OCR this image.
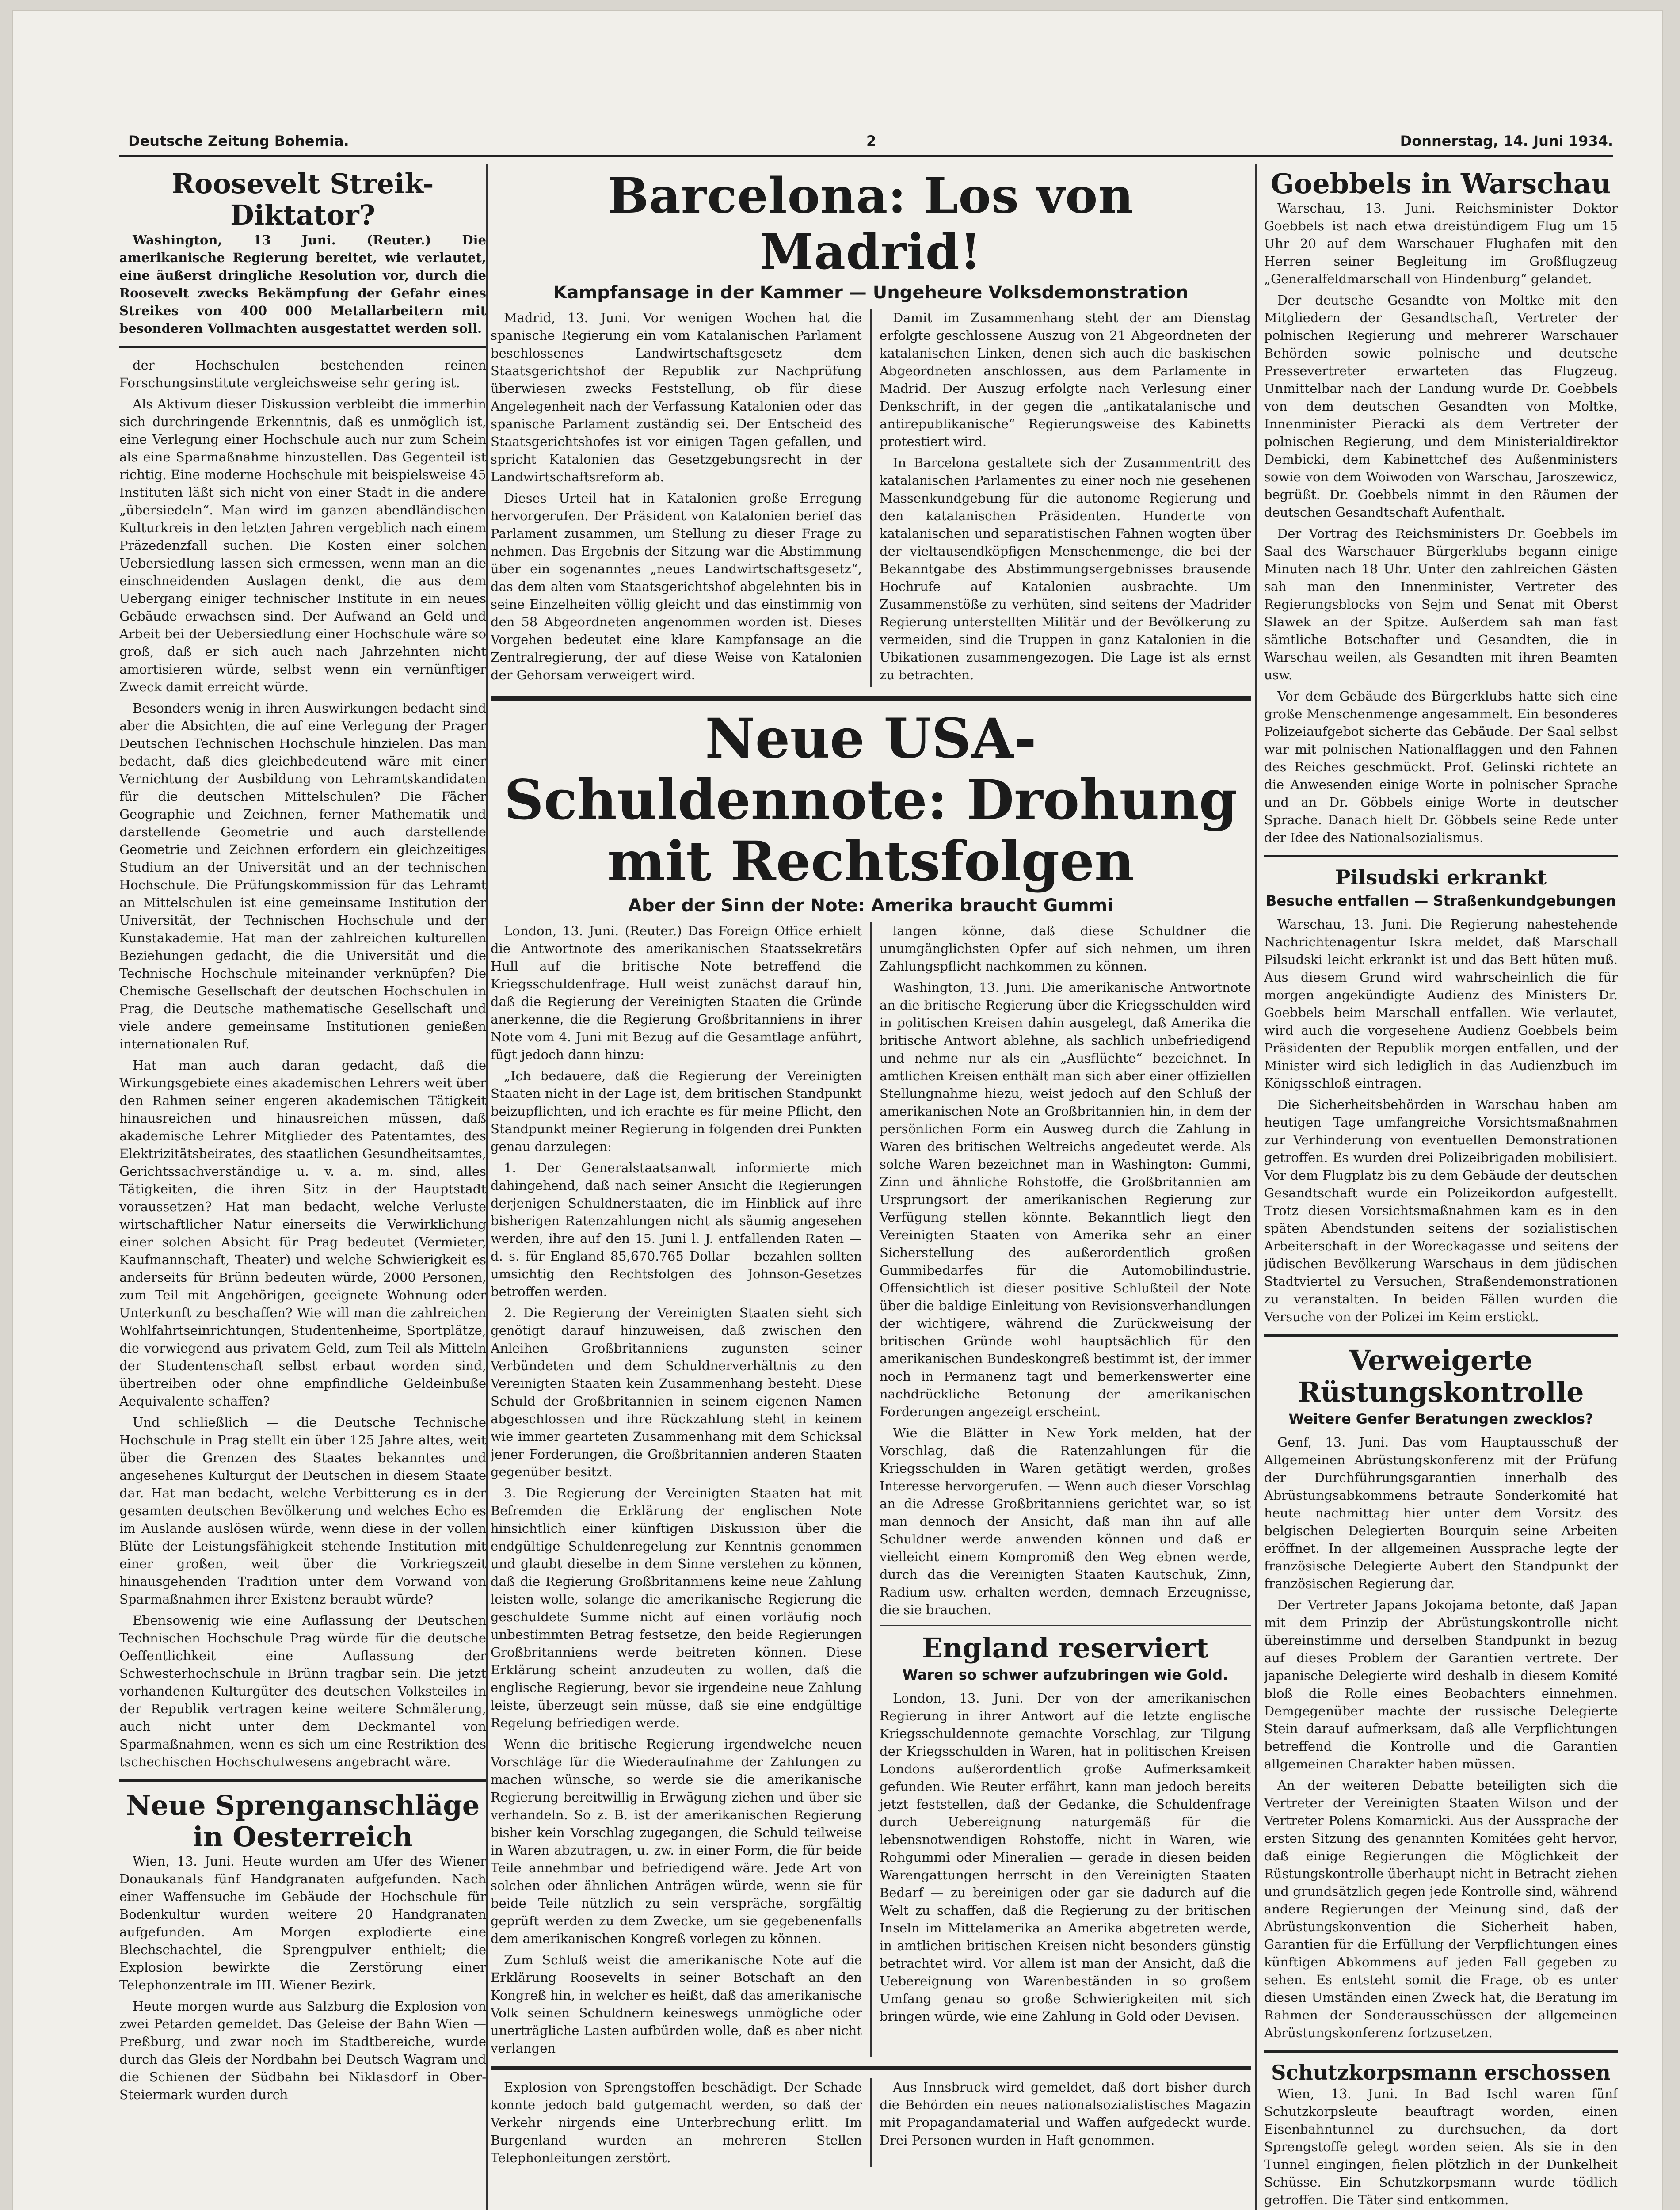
Deutsche Zeitung Bohemia.	2	Donnerstag, 14. Juni 1934.
Roosevelt Streik-Diktator?

Washington, 13 Juni. (Reuter.) Die amerikanische Regierung bereitet, wie verlautet, eine äußerst dringliche Resolution vor, durch die Roosevelt zwecks Bekämpfung der Gefahr eines Streikes von 400 000 Metallarbeitern mit besonderen Vollmachten ausgestattet werden soll.

der Hochschulen bestehenden reinen Forschungsinstitute vergleichsweise sehr gering ist.

Als Aktivum dieser Diskussion verbleibt die immerhin sich durchringende Erkenntnis, daß es unmöglich ist, eine Verlegung einer Hochschule auch nur zum Schein als eine Sparmaßnahme hinzustellen. Das Gegenteil ist richtig. Eine moderne Hochschule mit beispielsweise 45 Instituten läßt sich nicht von einer Stadt in die andere „übersiedeln“. Man wird im ganzen abendländischen Kulturkreis in den letzten Jahren vergeblich nach einem Präzedenzfall suchen. Die Kosten einer solchen Uebersiedlung lassen sich ermessen, wenn man an die einschneidenden Auslagen denkt, die aus dem Uebergang einiger technischer Institute in ein neues Gebäude erwachsen sind. Der Aufwand an Geld und Arbeit bei der Uebersiedlung einer Hochschule wäre so groß, daß er sich auch nach Jahrzehnten nicht amortisieren würde, selbst wenn ein vernünftiger Zweck damit erreicht würde.

Besonders wenig in ihren Auswirkungen bedacht sind aber die Absichten, die auf eine Verlegung der Prager Deutschen Technischen Hochschule hinzielen. Das man bedacht, daß dies gleichbedeutend wäre mit einer Vernichtung der Ausbildung von Lehramtskandidaten für die deutschen Mittelschulen? Die Fächer Geographie und Zeichnen, ferner Mathematik und darstellende Geometrie und auch darstellende Geometrie und Zeichnen erfordern ein gleichzeitiges Studium an der Universität und an der technischen Hochschule. Die Prüfungskommission für das Lehramt an Mittelschulen ist eine gemeinsame Institution der Universität, der Technischen Hochschule und der Kunstakademie. Hat man der zahlreichen kulturellen Beziehungen gedacht, die die Universität und die Technische Hochschule miteinander verknüpfen? Die Chemische Gesellschaft der deutschen Hochschulen in Prag, die Deutsche mathematische Gesellschaft und viele andere gemeinsame Institutionen genießen internationalen Ruf.

Hat man auch daran gedacht, daß die Wirkungsgebiete eines akademischen Lehrers weit über den Rahmen seiner engeren akademischen Tätigkeit hinausreichen und hinausreichen müssen, daß akademische Lehrer Mitglieder des Patentamtes, des Elektrizitätsbeirates, des staatlichen Gesundheitsamtes, Gerichtssachverständige u. v. a. m. sind, alles Tätigkeiten, die ihren Sitz in der Hauptstadt voraussetzen? Hat man bedacht, welche Verluste wirtschaftlicher Natur einerseits die Verwirklichung einer solchen Absicht für Prag bedeutet (Vermieter, Kaufmannschaft, Theater) und welche Schwierigkeit es anderseits für Brünn bedeuten würde, 2000 Personen, zum Teil mit Angehörigen, geeignete Wohnung oder Unterkunft zu beschaffen? Wie will man die zahlreichen Wohlfahrtseinrichtungen, Studentenheime, Sportplätze, die vorwiegend aus privatem Geld, zum Teil als Mitteln der Studentenschaft selbst erbaut worden sind, übertreiben oder ohne empfindliche Geldeinbuße Aequivalente schaffen?

Und schließlich — die Deutsche Technische Hochschule in Prag stellt ein über 125 Jahre altes, weit über die Grenzen des Staates bekanntes und angesehenes Kulturgut der Deutschen in diesem Staate dar. Hat man bedacht, welche Verbitterung es in der gesamten deutschen Bevölkerung und welches Echo es im Auslande auslösen würde, wenn diese in der vollen Blüte der Leistungsfähigkeit stehende Institution mit einer großen, weit über die Vorkriegszeit hinausgehenden Tradition unter dem Vorwand von Sparmaßnahmen ihrer Existenz beraubt würde?

Ebensowenig wie eine Auflassung der Deutschen Technischen Hochschule Prag würde für die deutsche Oeffentlichkeit eine Auflassung der Schwesterhochschule in Brünn tragbar sein. Die jetzt vorhandenen Kulturgüter des deutschen Volksteiles in der Republik vertragen keine weitere Schmälerung, auch nicht unter dem Deckmantel von Sparmaßnahmen, wenn es sich um eine Restriktion des tschechischen Hochschulwesens angebracht wäre.

Neue Sprenganschläge in Oesterreich

Wien, 13. Juni. Heute wurden am Ufer des Wiener Donaukanals fünf Handgranaten aufgefunden. Nach einer Waffensuche im Gebäude der Hochschule für Bodenkultur wurden weitere 20 Handgranaten aufgefunden. Am Morgen explodierte eine Blechschachtel, die Sprengpulver enthielt; die Explosion bewirkte die Zerstörung einer Telephonzentrale im III. Wiener Bezirk.

Heute morgen wurde aus Salzburg die Explosion von zwei Petarden gemeldet. Das Geleise der Bahn Wien — Preßburg, und zwar noch im Stadtbereiche, wurde durch das Gleis der Nordbahn bei Deutsch Wagram und die Schienen der Südbahn bei Niklasdorf in Ober-Steiermark wurden durch

Barcelona: Los von Madrid!
Kampfansage in der Kammer — Ungeheure Volksdemonstration

Madrid, 13. Juni. Vor wenigen Wochen hat die spanische Regierung ein vom Katalanischen Parlament beschlossenes Landwirtschaftsgesetz dem Staatsgerichtshof der Republik zur Nachprüfung überwiesen zwecks Feststellung, ob für diese Angelegenheit nach der Verfassung Katalonien oder das spanische Parlament zuständig sei. Der Entscheid des Staatsgerichtshofes ist vor einigen Tagen gefallen, und spricht Katalonien das Gesetzgebungsrecht in der Landwirtschaftsreform ab.

Dieses Urteil hat in Katalonien große Erregung hervorgerufen. Der Präsident von Katalonien berief das Parlament zusammen, um Stellung zu dieser Frage zu nehmen. Das Ergebnis der Sitzung war die Abstimmung über ein sogenanntes „neues Landwirtschaftsgesetz“, das dem alten vom Staatsgerichtshof abgelehnten bis in seine Einzelheiten völlig gleicht und das einstimmig von den 58 Abgeordneten angenommen worden ist. Dieses Vorgehen bedeutet eine klare Kampfansage an die Zentralregierung, der auf diese Weise von Katalonien der Gehorsam verweigert wird.

Damit im Zusammenhang steht der am Dienstag erfolgte geschlossene Auszug von 21 Abgeordneten der katalanischen Linken, denen sich auch die baskischen Abgeordneten anschlossen, aus dem Parlamente in Madrid. Der Auszug erfolgte nach Verlesung einer Denkschrift, in der gegen die „antikatalanische und antirepublikanische“ Regierungsweise des Kabinetts protestiert wird.

In Barcelona gestaltete sich der Zusammentritt des katalanischen Parlamentes zu einer noch nie gesehenen Massenkundgebung für die autonome Regierung und den katalanischen Präsidenten. Hunderte von katalanischen und separatistischen Fahnen wogten über der vieltausendköpfigen Menschenmenge, die bei der Bekanntgabe des Abstimmungsergebnisses brausende Hochrufe auf Katalonien ausbrachte. Um Zusammenstöße zu verhüten, sind seitens der Madrider Regierung unterstellten Militär und der Bevölkerung zu vermeiden, sind die Truppen in ganz Katalonien in die Ubikationen zusammengezogen. Die Lage ist als ernst zu betrachten.

Neue USA-Schuldennote: Drohung mit Rechtsfolgen
Aber der Sinn der Note: Amerika braucht Gummi

London, 13. Juni. (Reuter.) Das Foreign Office erhielt die Antwortnote des amerikanischen Staatssekretärs Hull auf die britische Note betreffend die Kriegsschuldenfrage. Hull weist zunächst darauf hin, daß die Regierung der Vereinigten Staaten die Gründe anerkenne, die die Regierung Großbritanniens in ihrer Note vom 4. Juni mit Bezug auf die Gesamtlage anführt, fügt jedoch dann hinzu:

„Ich bedauere, daß die Regierung der Vereinigten Staaten nicht in der Lage ist, dem britischen Standpunkt beizupflichten, und ich erachte es für meine Pflicht, den Standpunkt meiner Regierung in folgenden drei Punkten genau darzulegen:

1. Der Generalstaatsanwalt informierte mich dahingehend, daß nach seiner Ansicht die Regierungen derjenigen Schuldnerstaaten, die im Hinblick auf ihre bisherigen Ratenzahlungen nicht als säumig angesehen werden, ihre auf den 15. Juni l. J. entfallenden Raten — d. s. für England 85,670.765 Dollar — bezahlen sollten umsichtig den Rechtsfolgen des Johnson-Gesetzes betroffen werden.

2. Die Regierung der Vereinigten Staaten sieht sich genötigt darauf hinzuweisen, daß zwischen den Anleihen Großbritanniens zugunsten seiner Verbündeten und dem Schuldnerverhältnis zu den Vereinigten Staaten kein Zusammenhang besteht. Diese Schuld der Großbritannien in seinem eigenen Namen abgeschlossen und ihre Rückzahlung steht in keinem wie immer gearteten Zusammenhang mit dem Schicksal jener Forderungen, die Großbritannien anderen Staaten gegenüber besitzt.

3. Die Regierung der Vereinigten Staaten hat mit Befremden die Erklärung der englischen Note hinsichtlich einer künftigen Diskussion über die endgültige Schuldenregelung zur Kenntnis genommen und glaubt dieselbe in dem Sinne verstehen zu können, daß die Regierung Großbritanniens keine neue Zahlung leisten wolle, solange die amerikanische Regierung die geschuldete Summe nicht auf einen vorläufig noch unbestimmten Betrag festsetze, den beide Regierungen Großbritanniens werde beitreten können. Diese Erklärung scheint anzudeuten zu wollen, daß die englische Regierung, bevor sie irgendeine neue Zahlung leiste, überzeugt sein müsse, daß sie eine endgültige Regelung befriedigen werde.

Wenn die britische Regierung irgendwelche neuen Vorschläge für die Wiederaufnahme der Zahlungen zu machen wünsche, so werde sie die amerikanische Regierung bereitwillig in Erwägung ziehen und über sie verhandeln. So z. B. ist der amerikanischen Regierung bisher kein Vorschlag zugegangen, die Schuld teilweise in Waren abzutragen, u. zw. in einer Form, die für beide Teile annehmbar und befriedigend wäre. Jede Art von solchen oder ähnlichen Anträgen würde, wenn sie für beide Teile nützlich zu sein verspräche, sorgfältig geprüft werden zu dem Zwecke, um sie gegebenenfalls dem amerikanischen Kongreß vorlegen zu können.

Zum Schluß weist die amerikanische Note auf die Erklärung Roosevelts in seiner Botschaft an den Kongreß hin, in welcher es heißt, daß das amerikanische Volk seinen Schuldnern keineswegs unmögliche oder unerträgliche Lasten aufbürden wolle, daß es aber nicht verlangen

langen könne, daß diese Schuldner die unumgänglichsten Opfer auf sich nehmen, um ihren Zahlungspflicht nachkommen zu können.

Washington, 13. Juni. Die amerikanische Antwortnote an die britische Regierung über die Kriegsschulden wird in politischen Kreisen dahin ausgelegt, daß Amerika die britische Antwort ablehne, als sachlich unbefriedigend und nehme nur als ein „Ausflüchte“ bezeichnet. In amtlichen Kreisen enthält man sich aber einer offiziellen Stellungnahme hiezu, weist jedoch auf den Schluß der amerikanischen Note an Großbritannien hin, in dem der persönlichen Form ein Ausweg durch die Zahlung in Waren des britischen Weltreichs angedeutet werde. Als solche Waren bezeichnet man in Washington: Gummi, Zinn und ähnliche Rohstoffe, die Großbritannien am Ursprungsort der amerikanischen Regierung zur Verfügung stellen könnte. Bekanntlich liegt den Vereinigten Staaten von Amerika sehr an einer Sicherstellung des außerordentlich großen Gummibedarfes für die Automobilindustrie. Offensichtlich ist dieser positive Schlußteil der Note über die baldige Einleitung von Revisionsverhandlungen der wichtigere, während die Zurückweisung der britischen Gründe wohl hauptsächlich für den amerikanischen Bundeskongreß bestimmt ist, der immer noch in Permanenz tagt und bemerkenswerter eine nachdrückliche Betonung der amerikanischen Forderungen angezeigt erscheint.

Wie die Blätter in New York melden, hat der Vorschlag, daß die Ratenzahlungen für die Kriegsschulden in Waren getätigt werden, großes Interesse hervorgerufen. — Wenn auch dieser Vorschlag an die Adresse Großbritanniens gerichtet war, so ist man dennoch der Ansicht, daß man ihn auf alle Schuldner werde anwenden können und daß er vielleicht einem Kompromiß den Weg ebnen werde, durch das die Vereinigten Staaten Kautschuk, Zinn, Radium usw. erhalten werden, demnach Erzeugnisse, die sie brauchen.

England reserviert
Waren so schwer aufzubringen wie Gold.

London, 13. Juni. Der von der amerikanischen Regierung in ihrer Antwort auf die letzte englische Kriegsschuldennote gemachte Vorschlag, zur Tilgung der Kriegsschulden in Waren, hat in politischen Kreisen Londons außerordentlich große Aufmerksamkeit gefunden. Wie Reuter erfährt, kann man jedoch bereits jetzt feststellen, daß der Gedanke, die Schuldenfrage durch Uebereignung naturgemäß für die lebensnotwendigen Rohstoffe, nicht in Waren, wie Rohgummi oder Mineralien — gerade in diesen beiden Warengattungen herrscht in den Vereinigten Staaten Bedarf — zu bereinigen oder gar sie dadurch auf die Welt zu schaffen, daß die Regierung zu der britischen Inseln im Mittelamerika an Amerika abgetreten werde, in amtlichen britischen Kreisen nicht besonders günstig betrachtet wird. Vor allem ist man der Ansicht, daß die Uebereignung von Warenbeständen in so großem Umfang genau so große Schwierigkeiten mit sich bringen würde, wie eine Zahlung in Gold oder Devisen.

Explosion von Sprengstoffen beschädigt. Der Schade konnte jedoch bald gutgemacht werden, so daß der Verkehr nirgends eine Unterbrechung erlitt. Im Burgenland wurden an mehreren Stellen Telephonleitungen zerstört.

Aus Innsbruck wird gemeldet, daß dort bisher durch die Behörden ein neues nationalsozialistisches Magazin mit Propagandamaterial und Waffen aufgedeckt wurde. Drei Personen wurden in Haft genommen.

Goebbels in Warschau

Warschau, 13. Juni. Reichsminister Doktor Goebbels ist nach etwa dreistündigem Flug um 15 Uhr 20 auf dem Warschauer Flughafen mit den Herren seiner Begleitung im Großflugzeug „Generalfeldmarschall von Hindenburg“ gelandet.

Der deutsche Gesandte von Moltke mit den Mitgliedern der Gesandtschaft, Vertreter der polnischen Regierung und mehrerer Warschauer Behörden sowie polnische und deutsche Pressevertreter erwarteten das Flugzeug. Unmittelbar nach der Landung wurde Dr. Goebbels von dem deutschen Gesandten von Moltke, Innenminister Pieracki als dem Vertreter der polnischen Regierung, und dem Ministerialdirektor Dembicki, dem Kabinettchef des Außenministers sowie von dem Woiwoden von Warschau, Jaroszewicz, begrüßt. Dr. Goebbels nimmt in den Räumen der deutschen Gesandtschaft Aufenthalt.

Der Vortrag des Reichsministers Dr. Goebbels im Saal des Warschauer Bürgerklubs begann einige Minuten nach 18 Uhr. Unter den zahlreichen Gästen sah man den Innenminister, Vertreter des Regierungsblocks von Sejm und Senat mit Oberst Slawek an der Spitze. Außerdem sah man fast sämtliche Botschafter und Gesandten, die in Warschau weilen, als Gesandten mit ihren Beamten usw.

Vor dem Gebäude des Bürgerklubs hatte sich eine große Menschenmenge angesammelt. Ein besonderes Polizeiaufgebot sicherte das Gebäude. Der Saal selbst war mit polnischen Nationalflaggen und den Fahnen des Reiches geschmückt. Prof. Gelinski richtete an die Anwesenden einige Worte in polnischer Sprache und an Dr. Göbbels einige Worte in deutscher Sprache. Danach hielt Dr. Göbbels seine Rede unter der Idee des Nationalsozialismus.

Pilsudski erkrankt
Besuche entfallen — Straßenkundgebungen

Warschau, 13. Juni. Die Regierung nahestehende Nachrichtenagentur Iskra meldet, daß Marschall Pilsudski leicht erkrankt ist und das Bett hüten muß. Aus diesem Grund wird wahrscheinlich die für morgen angekündigte Audienz des Ministers Dr. Goebbels beim Marschall entfallen. Wie verlautet, wird auch die vorgesehene Audienz Goebbels beim Präsidenten der Republik morgen entfallen, und der Minister wird sich lediglich in das Audienzbuch im Königsschloß eintragen.

Die Sicherheitsbehörden in Warschau haben am heutigen Tage umfangreiche Vorsichtsmaßnahmen zur Verhinderung von eventuellen Demonstrationen getroffen. Es wurden drei Polizeibrigaden mobilisiert. Vor dem Flugplatz bis zu dem Gebäude der deutschen Gesandtschaft wurde ein Polizeikordon aufgestellt. Trotz diesen Vorsichtsmaßnahmen kam es in den späten Abendstunden seitens der sozialistischen Arbeiterschaft in der Woreckagasse und seitens der jüdischen Bevölkerung Warschaus in dem jüdischen Stadtviertel zu Versuchen, Straßendemonstrationen zu veranstalten. In beiden Fällen wurden die Versuche von der Polizei im Keim erstickt.

Verweigerte Rüstungskontrolle
Weitere Genfer Beratungen zwecklos?

Genf, 13. Juni. Das vom Hauptausschuß der Allgemeinen Abrüstungskonferenz mit der Prüfung der Durchführungsgarantien innerhalb des Abrüstungsabkommens betraute Sonderkomité hat heute nachmittag hier unter dem Vorsitz des belgischen Delegierten Bourquin seine Arbeiten eröffnet. In der allgemeinen Aussprache legte der französische Delegierte Aubert den Standpunkt der französischen Regierung dar.

Der Vertreter Japans Jokojama betonte, daß Japan mit dem Prinzip der Abrüstungskontrolle nicht übereinstimme und derselben Standpunkt in bezug auf dieses Problem der Garantien vertrete. Der japanische Delegierte wird deshalb in diesem Komité bloß die Rolle eines Beobachters einnehmen. Demgegenüber machte der russische Delegierte Stein darauf aufmerksam, daß alle Verpflichtungen betreffend die Kontrolle und die Garantien allgemeinen Charakter haben müssen.

An der weiteren Debatte beteiligten sich die Vertreter der Vereinigten Staaten Wilson und der Vertreter Polens Komarnicki. Aus der Aussprache der ersten Sitzung des genannten Komitées geht hervor, daß einige Regierungen die Möglichkeit der Rüstungskontrolle überhaupt nicht in Betracht ziehen und grundsätzlich gegen jede Kontrolle sind, während andere Regierungen der Meinung sind, daß der Abrüstungskonvention die Sicherheit haben, Garantien für die Erfüllung der Verpflichtungen eines künftigen Abkommens auf jeden Fall gegeben zu sehen. Es entsteht somit die Frage, ob es unter diesen Umständen einen Zweck hat, die Beratung im Rahmen der Sonderausschüssen der allgemeinen Abrüstungskonferenz fortzusetzen.

Schutzkorpsmann erschossen

Wien, 13. Juni. In Bad Ischl waren fünf Schutzkorpsleute beauftragt worden, einen Eisenbahntunnel zu durchsuchen, da dort Sprengstoffe gelegt worden seien. Als sie in den Tunnel eingingen, fielen plötzlich in der Dunkelheit Schüsse. Ein Schutzkorpsmann wurde tödlich getroffen. Die Täter sind entkommen.
